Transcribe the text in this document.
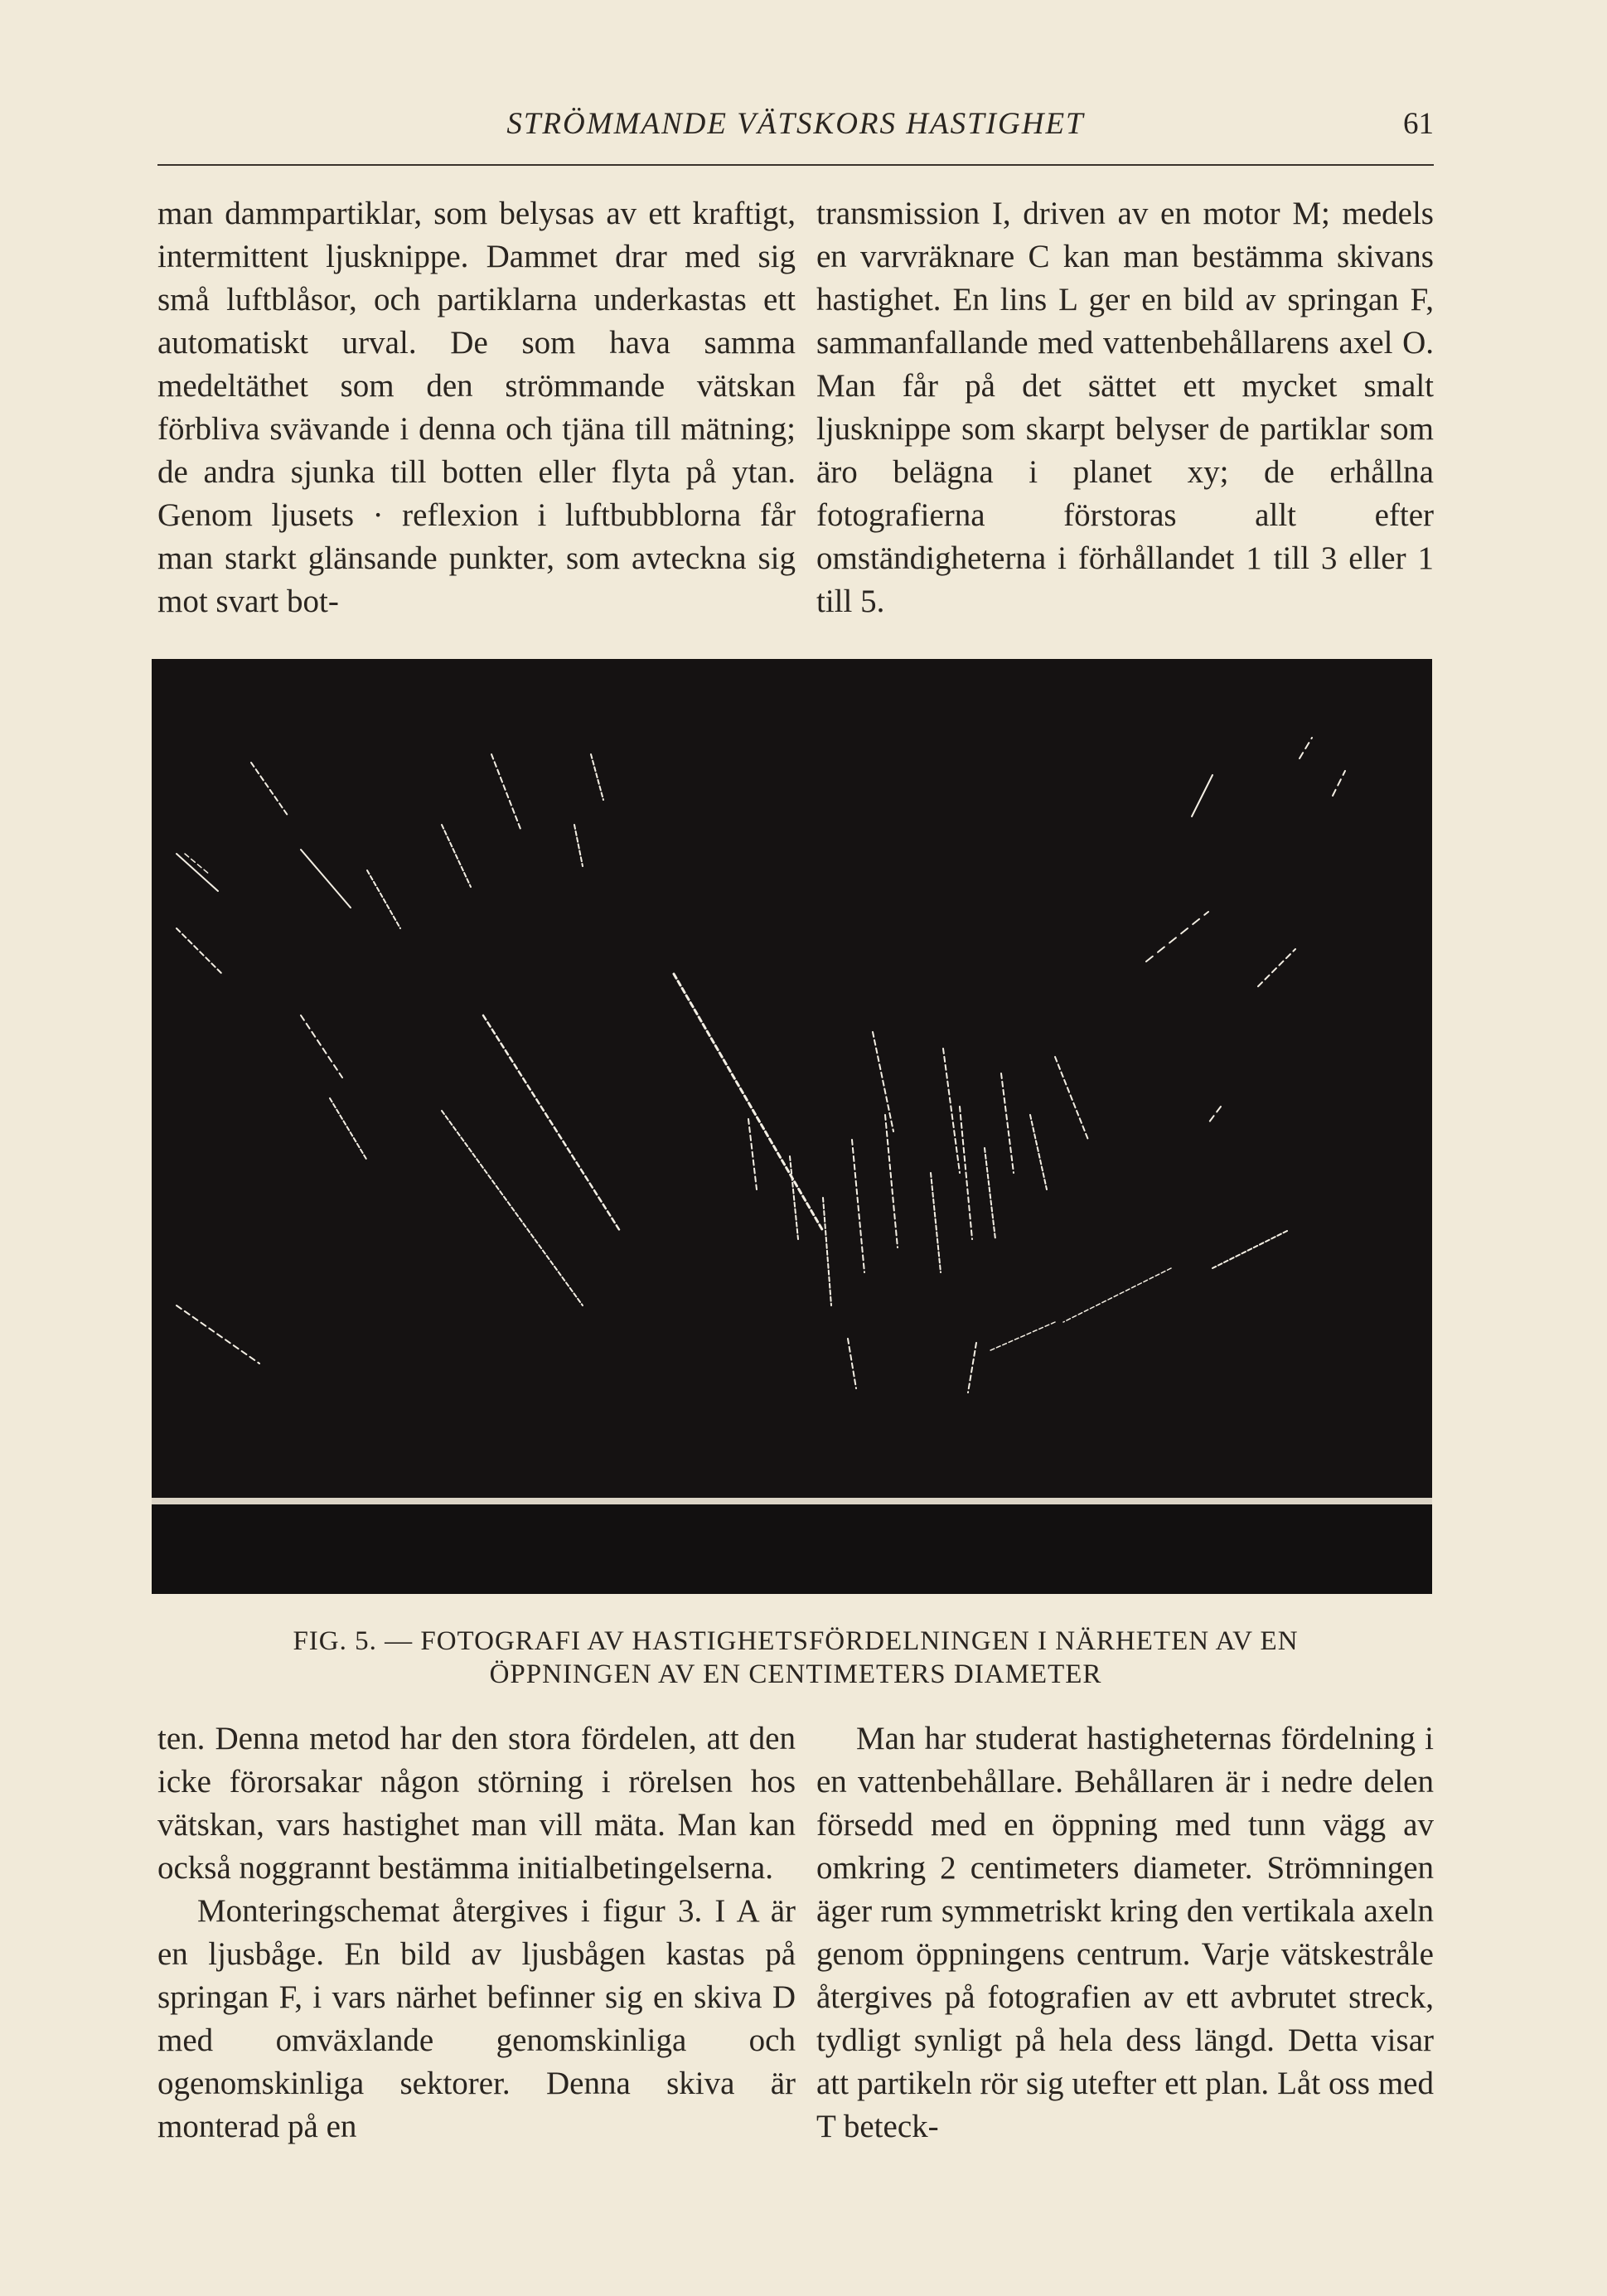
STRÖMMANDE VÄTSKORS HASTIGHET	61

man dammpartiklar, som belysas av ett kraftigt, intermittent ljusknippe. Dammet drar med sig små luftblåsor, och partiklarna underkastas ett automatiskt urval. De som hava samma medeltäthet som den strömmande vätskan förbliva svävande i denna och tjäna till mätning; de andra sjunka till botten eller flyta på ytan. Genom ljusets · reflexion i luftbubblorna får man starkt glänsande punkter, som avteckna sig mot svart bot-

transmission I, driven av en motor M; medels en varvräknare C kan man bestämma skivans hastighet. En lins L ger en bild av springan F, sammanfallande med vattenbehållarens axel O. Man får på det sättet ett mycket smalt ljusknippe som skarpt belyser de partiklar som äro belägna i planet xy; de erhållna fotografierna förstoras allt efter omständigheterna i förhållandet 1 till 3 eller 1 till 5.

FIG. 5. — FOTOGRAFI AV HASTIGHETSFÖRDELNINGEN I NÄRHETEN AV EN
ÖPPNINGEN AV EN CENTIMETERS DIAMETER

ten. Denna metod har den stora fördelen, att den icke förorsakar någon störning i rörelsen hos vätskan, vars hastighet man vill mäta. Man kan också noggrannt bestämma initialbetingelserna.

Monteringschemat återgives i figur 3. I A är en ljusbåge. En bild av ljusbågen kastas på springan F, i vars närhet befinner sig en skiva D med omväxlande genomskinliga och ogenomskinliga sektorer. Denna skiva är monterad på en

Man har studerat hastigheternas fördelning i en vattenbehållare. Behållaren är i nedre delen försedd med en öppning med tunn vägg av omkring 2 centimeters diameter. Strömningen äger rum symmetriskt kring den vertikala axeln genom öppningens centrum. Varje vätskestråle återgives på fotografien av ett avbrutet streck, tydligt synligt på hela dess längd. Detta visar att partikeln rör sig utefter ett plan. Låt oss med T beteck-
